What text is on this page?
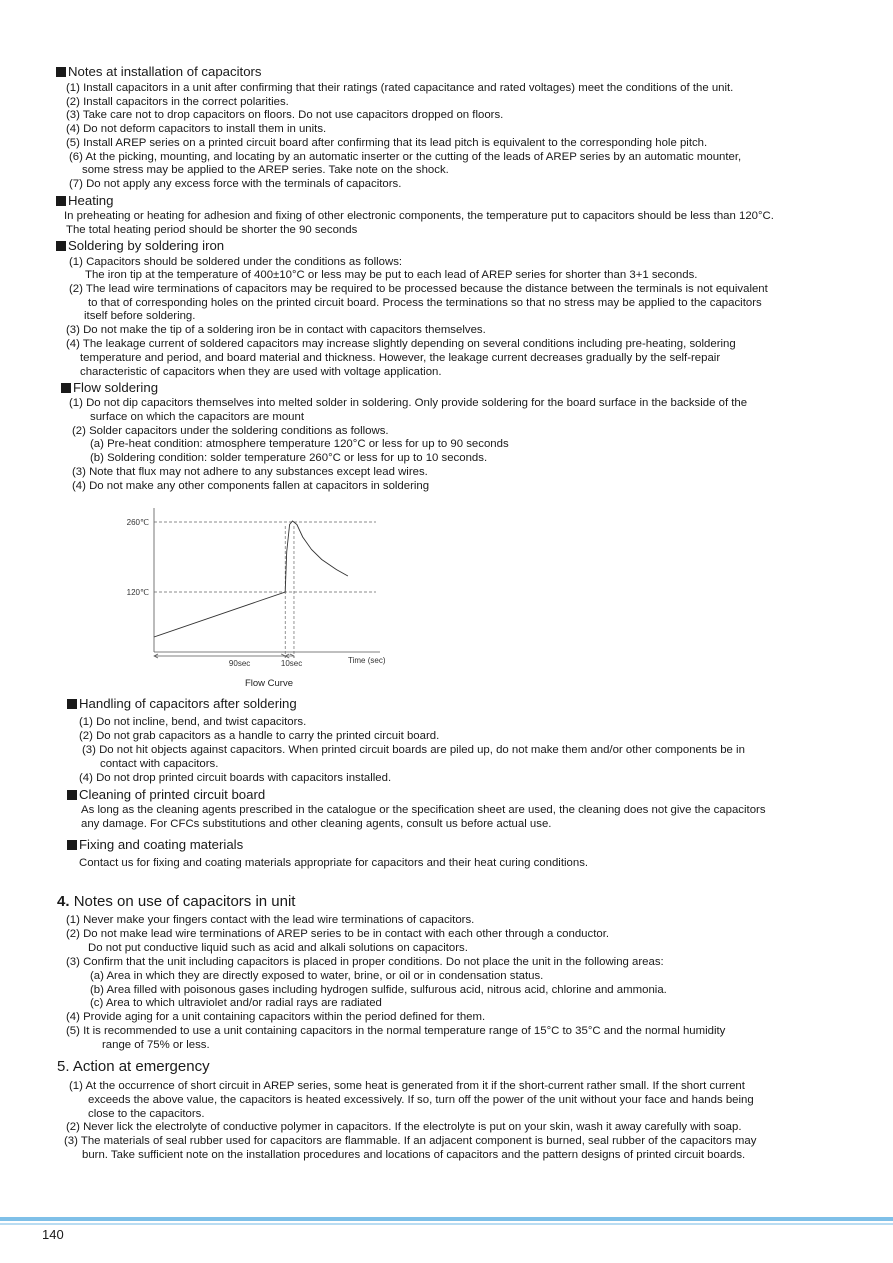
Notes at installation of capacitors
(1) Install capacitors in a unit after confirming that their ratings (rated capacitance and rated voltages) meet the conditions of the unit.
(2) Install capacitors in the correct polarities.
(3) Take care not to drop capacitors on floors. Do not use capacitors dropped on floors.
(4) Do not deform capacitors to install them in units.
(5) Install AREP series on a printed circuit board after confirming that its lead pitch is equivalent to the corresponding hole pitch.
(6) At the picking, mounting, and locating by an automatic inserter or the cutting of the leads of AREP series by an automatic mounter,
some stress may be applied to the AREP series. Take note on the shock.
(7) Do not apply any excess force with the terminals of capacitors.
Heating
In preheating or heating for adhesion and fixing of other electronic components, the temperature put to capacitors should be less than 120°C.
The total heating period should be shorter the 90 seconds
Soldering by soldering iron
(1) Capacitors should be soldered under the conditions as follows:
The iron tip at the temperature of 400±10°C or less may be put to each lead of AREP series for shorter than 3+1 seconds.
(2) The lead wire terminations of capacitors may be required to be processed because the distance between the terminals is not equivalent
to that of corresponding holes on the printed circuit board. Process the terminations so that no stress may be applied to the capacitors
itself before soldering.
(3) Do not make the tip of a soldering iron be in contact with capacitors themselves.
(4) The leakage current of soldered capacitors may increase slightly depending on several conditions including pre-heating, soldering
temperature and period, and board material and thickness. However, the leakage current decreases gradually by the self-repair
characteristic of capacitors when they are used with voltage application.
Flow soldering
(1) Do not dip capacitors themselves into melted solder in soldering. Only provide soldering for the board surface in the backside of the
surface on which the capacitors are mount
(2) Solder capacitors under the soldering conditions as follows.
(a) Pre-heat condition: atmosphere temperature 120°C or less for up to 90 seconds
(b) Soldering condition: solder temperature 260°C or less for up to 10 seconds.
(3) Note that flux may not adhere to any substances except lead wires.
(4) Do not make any other components fallen at capacitors in soldering
260℃
120℃
90sec	10sec	Time (sec)
Flow Curve
Handling of capacitors after soldering
(1) Do not incline, bend, and twist capacitors.
(2) Do not grab capacitors as a handle to carry the printed circuit board.
(3) Do not hit objects against capacitors. When printed circuit boards are piled up, do not make them and/or other components be in
contact with capacitors.
(4) Do not drop printed circuit boards with capacitors installed.
Cleaning of printed circuit board
As long as the cleaning agents prescribed in the catalogue or the specification sheet are used, the cleaning does not give the capacitors
any damage. For CFCs substitutions and other cleaning agents, consult us before actual use.
Fixing and coating materials
Contact us for fixing and coating materials appropriate for capacitors and their heat curing conditions.
4. Notes on use of capacitors in unit
(1) Never make your fingers contact with the lead wire terminations of capacitors.
(2) Do not make lead wire terminations of AREP series to be in contact with each other through a conductor.
Do not put conductive liquid such as acid and alkali solutions on capacitors.
(3) Confirm that the unit including capacitors is placed in proper conditions. Do not place the unit in the following areas:
(a) Area in which they are directly exposed to water, brine, or oil or in condensation status.
(b) Area filled with poisonous gases including hydrogen sulfide, sulfurous acid, nitrous acid, chlorine and ammonia.
(c) Area to which ultraviolet and/or radial rays are radiated
(4) Provide aging for a unit containing capacitors within the period defined for them.
(5) It is recommended to use a unit containing capacitors in the normal temperature range of 15°C to 35°C and the normal humidity
range of 75% or less.
5. Action at emergency
(1) At the occurrence of short circuit in AREP series, some heat is generated from it if the short-current rather small. If the short current
exceeds the above value, the capacitors is heated excessively. If so, turn off the power of the unit without your face and hands being
close to the capacitors.
(2) Never lick the electrolyte of conductive polymer in capacitors. If the electrolyte is put on your skin, wash it away carefully with soap.
(3) The materials of seal rubber used for capacitors are flammable. If an adjacent component is burned, seal rubber of the capacitors may
burn. Take sufficient note on the installation procedures and locations of capacitors and the pattern designs of printed circuit boards.
140
